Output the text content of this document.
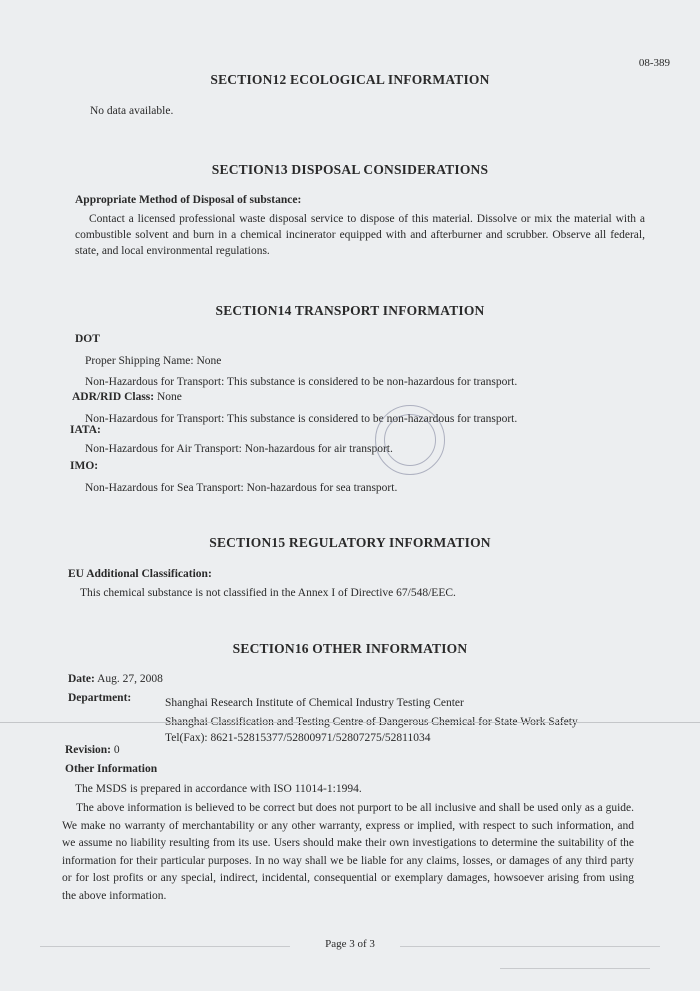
08-389
SECTION12 ECOLOGICAL INFORMATION
No data available.
SECTION13 DISPOSAL CONSIDERATIONS
Appropriate Method of Disposal of substance:
Contact a licensed professional waste disposal service to dispose of this material. Dissolve or mix the material with a combustible solvent and burn in a chemical incinerator equipped with and afterburner and scrubber. Observe all federal, state, and local environmental regulations.
SECTION14 TRANSPORT INFORMATION
DOT
Proper Shipping Name: None
Non-Hazardous for Transport: This substance is considered to be non-hazardous for transport.
ADR/RID Class: None
Non-Hazardous for Transport: This substance is considered to be non-hazardous for transport.
IATA:
Non-Hazardous for Air Transport: Non-hazardous for air transport.
IMO:
Non-Hazardous for Sea Transport: Non-hazardous for sea transport.
SECTION15 REGULATORY INFORMATION
EU Additional Classification:
This chemical substance is not classified in the Annex I of Directive 67/548/EEC.
SECTION16 OTHER INFORMATION
Date: Aug. 27, 2008
Department:	Shanghai Research Institute of Chemical Industry Testing Center
Shanghai Classification and Testing Centre of Dangerous Chemical for State Work Safety
Tel(Fax): 8621-52815377/52800971/52807275/52811034
Revision: 0
Other Information
The MSDS is prepared in accordance with ISO 11014-1:1994.
The above information is believed to be correct but does not purport to be all inclusive and shall be used only as a guide. We make no warranty of merchantability or any other warranty, express or implied, with respect to such information, and we assume no liability resulting from its use. Users should make their own investigations to determine the suitability of the information for their particular purposes. In no way shall we be liable for any claims, losses, or damages of any third party or for lost profits or any special, indirect, incidental, consequential or exemplary damages, howsoever arising from using the above information.
Page 3 of 3
